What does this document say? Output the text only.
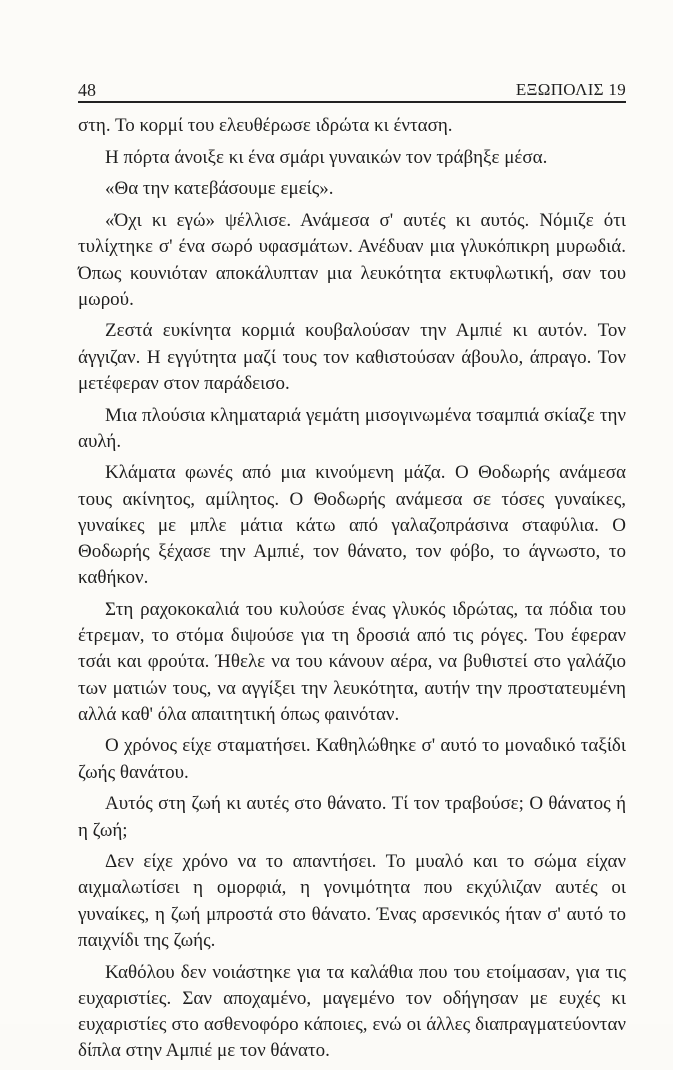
48	ΕΞΩΠΟΛΙΣ 19

στη. Το κορμί του ελευθέρωσε ιδρώτα κι ένταση.

Η πόρτα άνοιξε κι ένα σμάρι γυναικών τον τράβηξε μέσα.

«Θα την κατεβάσουμε εμείς».

«Όχι κι εγώ» ψέλλισε. Ανάμεσα σ' αυτές κι αυτός. Νόμιζε ότι τυλίχτηκε σ' ένα σωρό υφασμάτων. Ανέδυαν μια γλυκόπικρη μυρωδιά. Όπως κουνιόταν αποκάλυπταν μια λευκότητα εκτυφλωτική, σαν του μωρού.

Ζεστά ευκίνητα κορμιά κουβαλούσαν την Αμπιέ κι αυτόν. Τον άγγιζαν. Η εγγύτητα μαζί τους τον καθιστούσαν άβουλο, άπραγο. Τον μετέφεραν στον παράδεισο.

Μια πλούσια κληματαριά γεμάτη μισογινωμένα τσαμπιά σκίαζε την αυλή.

Κλάματα φωνές από μια κινούμενη μάζα. Ο Θοδωρής ανάμεσα τους ακίνητος, αμίλητος. Ο Θοδωρής ανάμεσα σε τόσες γυναίκες, γυναίκες με μπλε μάτια κάτω από γαλαζοπράσινα σταφύλια. Ο Θοδωρής ξέχασε την Αμπιέ, τον θάνατο, τον φόβο, το άγνωστο, το καθήκον.

Στη ραχοκοκαλιά του κυλούσε ένας γλυκός ιδρώτας, τα πόδια του έτρεμαν, το στόμα διψούσε για τη δροσιά από τις ρόγες. Του έφεραν τσάι και φρούτα. Ήθελε να του κάνουν αέρα, να βυθιστεί στο γαλάζιο των ματιών τους, να αγγίξει την λευκότητα, αυτήν την προστατευμένη αλλά καθ' όλα απαιτητική όπως φαινόταν.

Ο χρόνος είχε σταματήσει. Καθηλώθηκε σ' αυτό το μοναδικό ταξίδι ζωής θανάτου.

Αυτός στη ζωή κι αυτές στο θάνατο. Τί τον τραβούσε; Ο θάνατος ή η ζωή;

Δεν είχε χρόνο να το απαντήσει. Το μυαλό και το σώμα είχαν αιχμαλωτίσει η ομορφιά, η γονιμότητα που εκχύλιζαν αυτές οι γυναίκες, η ζωή μπροστά στο θάνατο. Ένας αρσενικός ήταν σ' αυτό το παιχνίδι της ζωής.

Καθόλου δεν νοιάστηκε για τα καλάθια που του ετοίμασαν, για τις ευχαριστίες. Σαν αποχαμένο, μαγεμένο τον οδήγησαν με ευχές κι ευχαριστίες στο ασθενοφόρο κάποιες, ενώ οι άλλες διαπραγματεύονταν δίπλα στην Αμπιέ με τον θάνατο.
